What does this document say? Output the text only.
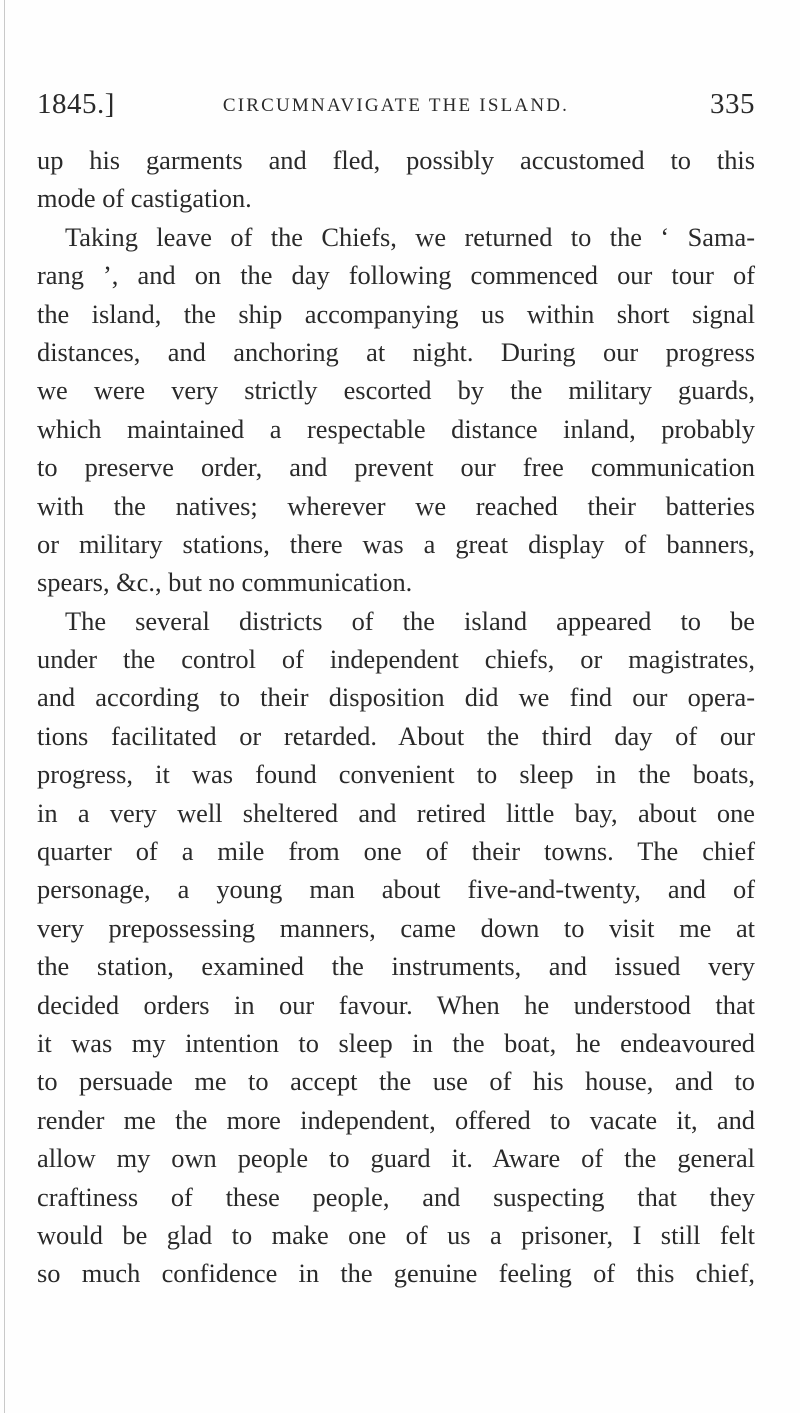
1845.]	CIRCUMNAVIGATE THE ISLAND.	335
up his garments and fled, possibly accustomed to this
mode of castigation.
Taking leave of the Chiefs, we returned to the ‘ Sama-
rang ’, and on the day following commenced our tour of
the island, the ship accompanying us within short signal
distances, and anchoring at night. During our progress
we were very strictly escorted by the military guards,
which maintained a respectable distance inland, probably
to preserve order, and prevent our free communication
with the natives; wherever we reached their batteries
or military stations, there was a great display of banners,
spears, &c., but no communication.
The several districts of the island appeared to be
under the control of independent chiefs, or magistrates,
and according to their disposition did we find our opera-
tions facilitated or retarded. About the third day of our
progress, it was found convenient to sleep in the boats,
in a very well sheltered and retired little bay, about one
quarter of a mile from one of their towns. The chief
personage, a young man about five-and-twenty, and of
very prepossessing manners, came down to visit me at
the station, examined the instruments, and issued very
decided orders in our favour. When he understood that
it was my intention to sleep in the boat, he endeavoured
to persuade me to accept the use of his house, and to
render me the more independent, offered to vacate it, and
allow my own people to guard it. Aware of the general
craftiness of these people, and suspecting that they
would be glad to make one of us a prisoner, I still felt
so much confidence in the genuine feeling of this chief,
